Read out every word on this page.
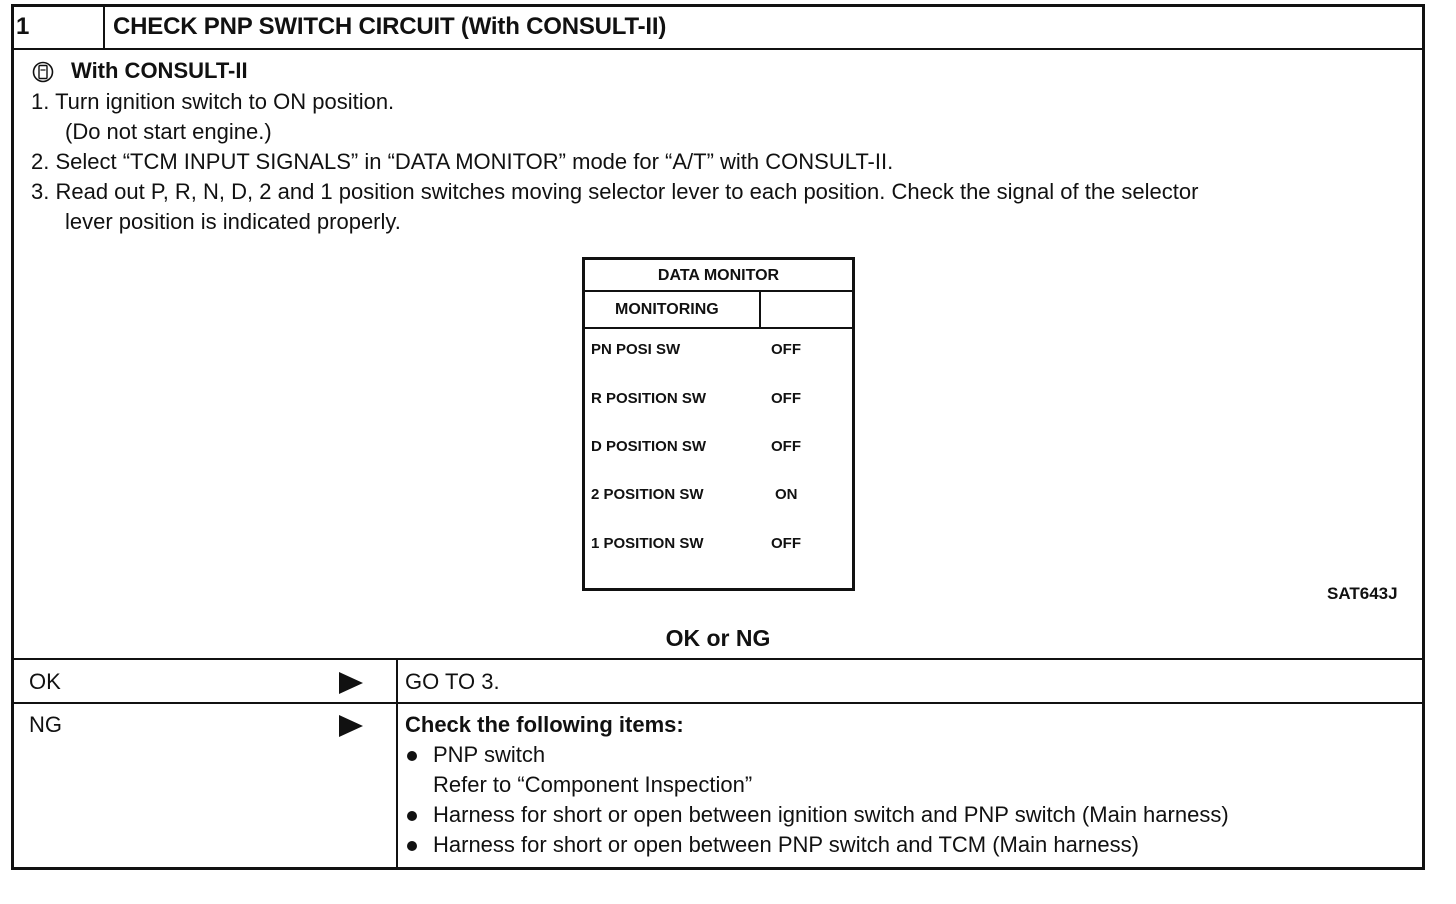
1	CHECK PNP SWITCH CIRCUIT (With CONSULT-II)
With CONSULT-II
1. Turn ignition switch to ON position.
(Do not start engine.)
2. Select “TCM INPUT SIGNALS” in “DATA MONITOR” mode for “A/T” with CONSULT-II.
3. Read out P, R, N, D, 2 and 1 position switches moving selector lever to each position. Check the signal of the selector
lever position is indicated properly.
DATA MONITOR
MONITORING
PN POSI SW	OFF
R POSITION SW	OFF
D POSITION SW	OFF
2 POSITION SW	ON
1 POSITION SW	OFF
SAT643J
OK or NG
OK	GO TO 3.
NG	Check the following items:
PNP switch
Refer to “Component Inspection”
Harness for short or open between ignition switch and PNP switch (Main harness)
Harness for short or open between PNP switch and TCM (Main harness)
